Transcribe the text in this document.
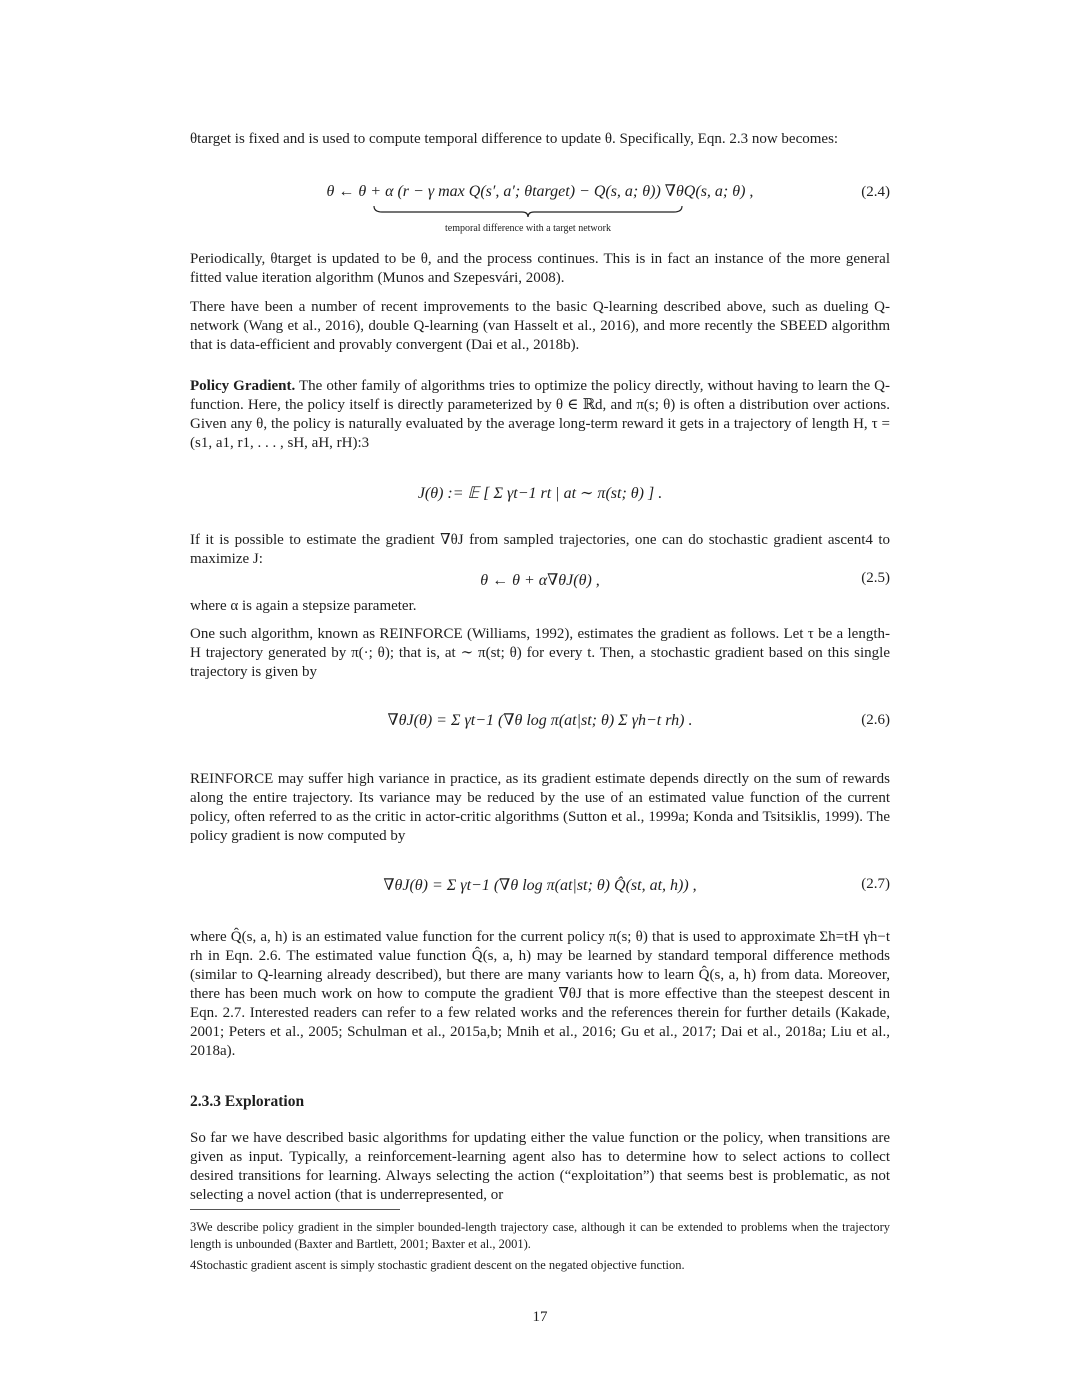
θtarget is fixed and is used to compute temporal difference to update θ. Specifically, Eqn. 2.3 now becomes:

θ ← θ + α (r − γ max Q(s′, a′; θtarget) − Q(s, a; θ)) ∇θQ(s, a; θ) ,
temporal difference with a target network
(2.4)

Periodically, θtarget is updated to be θ, and the process continues. This is in fact an instance of the more general fitted value iteration algorithm (Munos and Szepesvári, 2008).

There have been a number of recent improvements to the basic Q-learning described above, such as dueling Q-network (Wang et al., 2016), double Q-learning (van Hasselt et al., 2016), and more recently the SBEED algorithm that is data-efficient and provably convergent (Dai et al., 2018b).

Policy Gradient. The other family of algorithms tries to optimize the policy directly, without having to learn the Q-function. Here, the policy itself is directly parameterized by θ ∈ ℝd, and π(s; θ) is often a distribution over actions. Given any θ, the policy is naturally evaluated by the average long-term reward it gets in a trajectory of length H, τ = (s1, a1, r1, . . . , sH, aH, rH):3

J(θ) := 𝔼 [ Σ γt−1 rt | at ∼ π(st; θ) ] .

If it is possible to estimate the gradient ∇θJ from sampled trajectories, one can do stochastic gradient ascent4 to maximize J:

θ ← θ + α∇θJ(θ) ,	(2.5)

where α is again a stepsize parameter.

One such algorithm, known as REINFORCE (Williams, 1992), estimates the gradient as follows. Let τ be a length-H trajectory generated by π(·; θ); that is, at ∼ π(st; θ) for every t. Then, a stochastic gradient based on this single trajectory is given by

∇θJ(θ) = Σ γt−1 (∇θ log π(at|st; θ) Σ γh−t rh) .	(2.6)

REINFORCE may suffer high variance in practice, as its gradient estimate depends directly on the sum of rewards along the entire trajectory. Its variance may be reduced by the use of an estimated value function of the current policy, often referred to as the critic in actor-critic algorithms (Sutton et al., 1999a; Konda and Tsitsiklis, 1999). The policy gradient is now computed by

∇θJ(θ) = Σ γt−1 (∇θ log π(at|st; θ) Q̂(st, at, h)) ,	(2.7)

where Q̂(s, a, h) is an estimated value function for the current policy π(s; θ) that is used to approximate Σh=tH γh−t rh in Eqn. 2.6. The estimated value function Q̂(s, a, h) may be learned by standard temporal difference methods (similar to Q-learning already described), but there are many variants how to learn Q̂(s, a, h) from data. Moreover, there has been much work on how to compute the gradient ∇θJ that is more effective than the steepest descent in Eqn. 2.7. Interested readers can refer to a few related works and the references therein for further details (Kakade, 2001; Peters et al., 2005; Schulman et al., 2015a,b; Mnih et al., 2016; Gu et al., 2017; Dai et al., 2018a; Liu et al., 2018a).

2.3.3 Exploration

So far we have described basic algorithms for updating either the value function or the policy, when transitions are given as input. Typically, a reinforcement-learning agent also has to determine how to select actions to collect desired transitions for learning. Always selecting the action (“exploitation”) that seems best is problematic, as not selecting a novel action (that is underrepresented, or

3We describe policy gradient in the simpler bounded-length trajectory case, although it can be extended to problems when the trajectory length is unbounded (Baxter and Bartlett, 2001; Baxter et al., 2001).

4Stochastic gradient ascent is simply stochastic gradient descent on the negated objective function.

17
